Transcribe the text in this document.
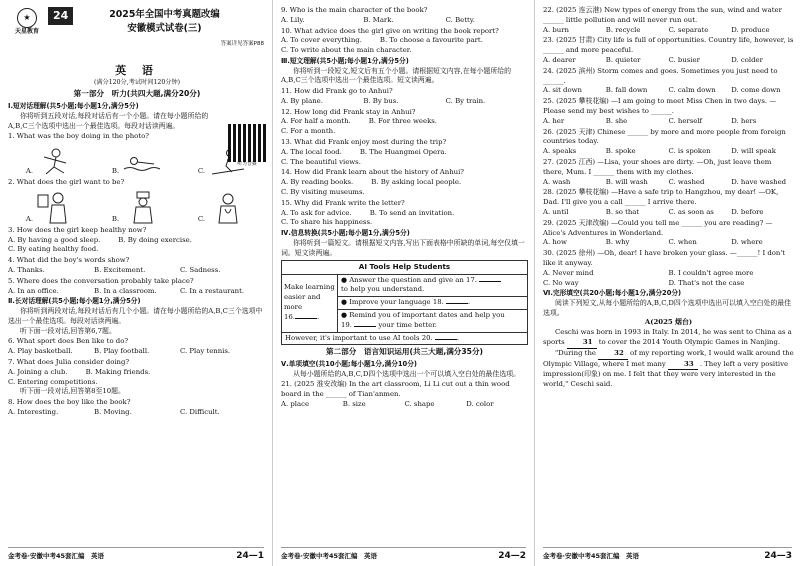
★
天星教育
24	2025年全国中考真题改编
安徽模式试卷(三)
答案详见答案P88
英 语
(满分120分,考试时间120分钟)
第一部分　听力(共四大题,满分20分)
Ⅰ.短对话理解(共5小题;每小题1分,满分5分)
你将听到五段对话,每段对话后有一个小题。请在每小题所给的A,B,C三个选项中选出一个最佳选项。每段对话读两遍。
听力音频
1. What was the boy doing in the photo?
A.	B.	C.
2. What does the girl want to be?
A.	B.	C.
3. How does the girl keep healthy now?
A. By having a good sleep.	B. By doing exercise.
C. By eating healthy food.
4. What did the boy's words show?
A. Thanks.	B. Excitement.	C. Sadness.
5. Where does the conversation probably take place?
A. In an office.	B. In a classroom.	C. In a restaurant.
Ⅱ.长对话理解(共5小题;每小题1分,满分5分)
你将听到两段对话,每段对话后有几个小题。请在每小题所给的A,B,C三个选项中选出一个最佳选项。每段对话读两遍。
听下面一段对话,回答第6,7题。
6. What sport does Ben like to do?
A. Play basketball.	B. Play football.	C. Play tennis.
7. What does Julia consider doing?
A. Joining a club.	B. Making friends.
C. Entering competitions.
听下面一段对话,回答第8至10题。
8. How does the boy like the book?
A. Interesting.	B. Moving.	C. Difficult.
金考卷·安徽中考45套汇编　英语	24—1
9. Who is the main character of the book?
A. Lily.	B. Mark.	C. Betty.
10. What advice does the girl give on writing the book report?
A. To cover everything.	B. To choose a favourite part.
C. To write about the main character.
Ⅲ.短文理解(共5小题;每小题1分,满分5分)
你将听到一段短文,短文后有五个小题。请根据短文内容,在每小题所给的A,B,C三个选项中选出一个最佳选项。短文读两遍。
11. How did Frank go to Anhui?
A. By plane.	B. By bus.	C. By train.
12. How long did Frank stay in Anhui?
A. For half a month.	B. For three weeks.
C. For a month.
13. What did Frank enjoy most during the trip?
A. The local food.	B. The Huangmei Opera.
C. The beautiful views.
14. How did Frank learn about the history of Anhui?
A. By reading books.	B. By asking local people.
C. By visiting museums.
15. Why did Frank write the letter?
A. To ask for advice.	B. To send an invitation.
C. To share his happiness.
Ⅳ.信息转换(共5小题;每小题1分,满分5分)
你将听到一篇短文。请根据短文内容,写出下面表格中所缺的单词,每空仅填一词。短文读两遍。
AI Tools Help Students
Make learning easier and more
16.	.
● Answer the question and give an 17.
to help you understand.
● Improve your language 18.	.
● Remind you of important dates and help you
19.	your time better.
However, it's important to use AI tools 20.	.
第二部分　语言知识运用(共三大题,满分35分)
Ⅴ.单项填空(共10小题;每小题1分,满分10分)
从每小题所给的A,B,C,D四个选项中选出一个可以填入空白处的最佳选项。
21. (2025 淮安改编) In the art classroom, Li Li cut out a thin wood board in the ______ of Tian'anmen.
A. place	B. size	C. shape	D. color
金考卷·安徽中考45套汇编　英语	24—2
22. (2025 连云港) New types of energy from the sun, wind and water ______ little pollution and will never run out.
A. burn	B. recycle	C. separate	D. produce
23. (2025 甘肃) City life is full of opportunities. Country life, however, is ______ and more peaceful.
A. dearer	B. quieter	C. busier	D. colder
24. (2025 滨州) Storm comes and goes. Sometimes you just need to ______.
A. sit down	B. fall down	C. calm down	D. come down
25. (2025 攀枝花编) —I am going to meet Miss Chen in two days. —Please send my best wishes to ______.
A. her	B. she	C. herself	D. hers
26. (2025 天津) Chinese ______ by more and more people from foreign countries today.
A. speaks	B. spoke	C. is spoken	D. will speak
27. (2025 江西) —Lisa, your shoes are dirty. —Oh, just leave them there, Mum. I ______ them with my clothes.
A. wash	B. will wash	C. washed	D. have washed
28. (2025 攀枝花编) —Have a safe trip to Hangzhou, my dear! —OK, Dad. I'll give you a call ______ I arrive there.
A. until	B. so that	C. as soon as	D. before
29. (2025 天津改编) —Could you tell me ______ you are reading? —Alice's Adventures in Wonderland.
A. how	B. why	C. when	D. where
30. (2025 徐州) —Oh, dear! I have broken your glass. —______! I don't like it anyway.
A. Never mind	B. I couldn't agree more
C. No way	D. That's not the case
Ⅵ.完形填空(共20小题;每小题1分,满分20分)
阅读下列短文,从每小题所给的A,B,C,D四个选项中选出可以填入空白处的最佳选项。
A(2025 烟台)
Ceschi was born in 1993 in Italy. In 2014, he was sent to China as a sports	31 to cover the 2014 Youth Olympic Games in Nanjing.
"During the	32 of my reporting work, I would walk around the Olympic Village, where I met many	33 . They left a very positive impression(印象) on me. I felt that they were very interested in the world," Ceschi said.
金考卷·安徽中考45套汇编　英语	24—3
